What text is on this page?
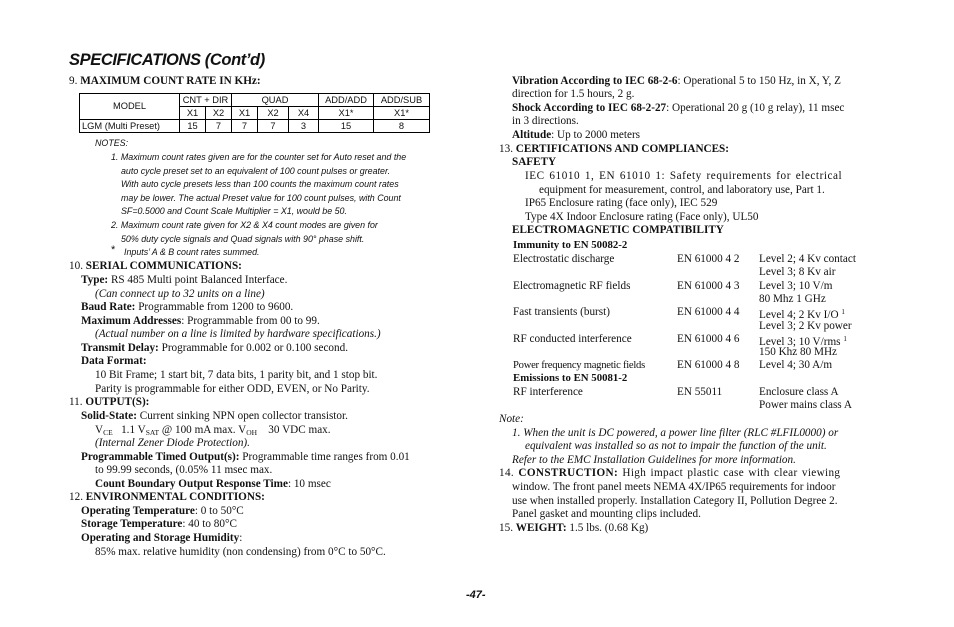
SPECIFICATIONS (Cont’d)
9. MAXIMUM COUNT RATE IN KHz:
MODEL	CNT + DIR		QUAD			ADD/ADD	ADD/SUB
	X1	X2	X1	X2	X4	X1*	X1*
LGM (Multi Preset)	15	7	7	7	3	15	8
NOTES:
1. Maximum count rates given are for the counter set for Auto reset and the
auto cycle preset set to an equivalent of 100 count pulses or greater.
With auto cycle presets less than 100 counts the maximum count rates
may be lower. The actual Preset value for 100 count pulses, with Count
SF=0.5000 and Count Scale Multiplier = X1, would be 50.
2. Maximum count rate given for X2 & X4 count modes are given for
50% duty cycle signals and Quad signals with 90° phase shift.
* Inputs’ A & B count rates summed.
10. SERIAL COMMUNICATIONS:
Type: RS 485 Multi point Balanced Interface.
(Can connect up to 32 units on a line)
Baud Rate: Programmable from 1200 to 9600.
Maximum Addresses: Programmable from 00 to 99.
(Actual number on a line is limited by hardware specifications.)
Transmit Delay: Programmable for 0.002 or 0.100 second.
Data Format:
10 Bit Frame; 1 start bit, 7 data bits, 1 parity bit, and 1 stop bit.
Parity is programmable for either ODD, EVEN, or No Parity.
11. OUTPUT(S):
Solid-State: Current sinking NPN open collector transistor.
$V_{CE}$ 1.1 $V_{SAT}$ @ 100 mA max. $V_{OH}$ 30 VDC max.
(Internal Zener Diode Protection).
Programmable Timed Output(s): Programmable time ranges from 0.01
to 99.99 seconds, (0.05% 11 msec max.
Count Boundary Output Response Time: 10 msec
12. ENVIRONMENTAL CONDITIONS:
Operating Temperature: 0 to 50°C
Storage Temperature: 40 to 80°C
Operating and Storage Humidity:
85% max. relative humidity (non condensing) from 0°C to 50°C.
Vibration According to IEC 68-2-6: Operational 5 to 150 Hz, in X, Y, Z
direction for 1.5 hours, 2 g.
Shock According to IEC 68-2-27: Operational 20 g (10 g relay), 11 msec
in 3 directions.
Altitude: Up to 2000 meters
13. CERTIFICATIONS AND COMPLIANCES:
SAFETY
IEC 61010 1, EN 61010 1: Safety requirements for electrical
equipment for measurement, control, and laboratory use, Part 1.
IP65 Enclosure rating (face only), IEC 529
Type 4X Indoor Enclosure rating (Face only), UL50
ELECTROMAGNETIC COMPATIBILITY
Immunity to EN 50082-2
Electrostatic discharge	EN 61000 4 2 Level 2; 4 Kv contact
Level 3; 8 Kv air
Electromagnetic RF fields	EN 61000 4 3 Level 3; 10 V/m
80 Mhz 1 GHz
Fast transients (burst)	EN 61000 4 4 Level 4; 2 Kv I/O $^1$
Level 3; 2 Kv power
RF conducted interference	EN 61000 4 6 Level 3; 10 V/rms $^1$
150 Khz 80 MHz
Power frequency magnetic fields	EN 61000 4 8 Level 4; 30 A/m
Emissions to EN 50081-2
RF interference	EN 55011	Enclosure class A
Power mains class A
Note:
1. When the unit is DC powered, a power line filter (RLC #LFIL0000) or
equivalent was installed so as not to impair the function of the unit.
Refer to the EMC Installation Guidelines for more information.
14. CONSTRUCTION: High impact plastic case with clear viewing
window. The front panel meets NEMA 4X/IP65 requirements for indoor
use when installed properly. Installation Category II, Pollution Degree 2.
Panel gasket and mounting clips included.
15. WEIGHT: 1.5 lbs. (0.68 Kg)
-47-
